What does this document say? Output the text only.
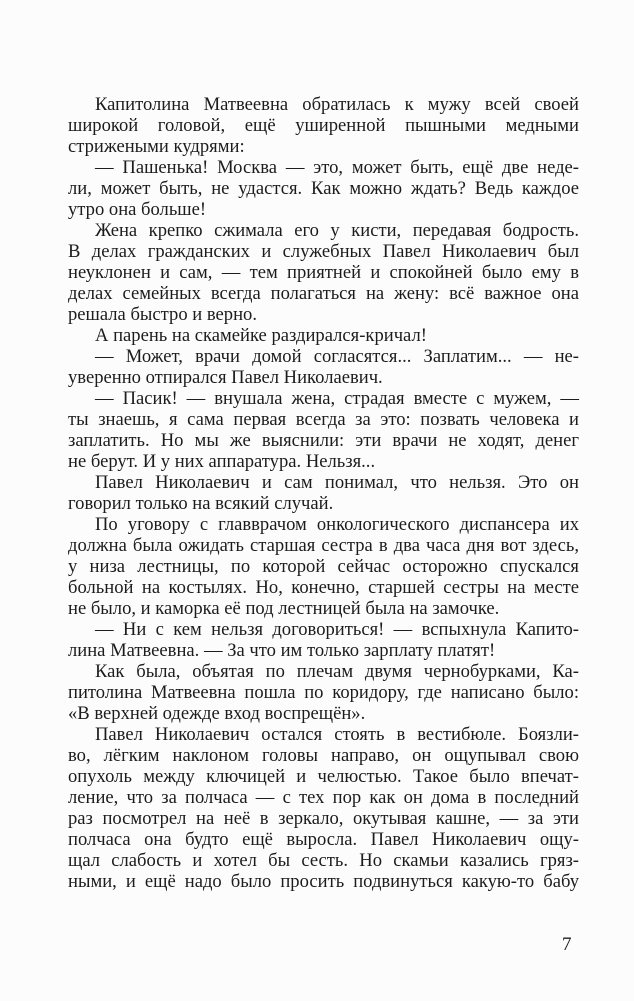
Капитолина Матвеевна обратилась к мужу всей своей
широкой головой, ещё уширенной пышными медными
стрижеными кудрями:
— Пашенька! Москва — это, может быть, ещё две неде-
ли, может быть, не удастся. Как можно ждать? Ведь каждое
утро она больше!
Жена крепко сжимала его у кисти, передавая бодрость.
В делах гражданских и служебных Павел Николаевич был
неуклонен и сам, — тем приятней и спокойней было ему в
делах семейных всегда полагаться на жену: всё важное она
решала быстро и верно.
А парень на скамейке раздирался-кричал!
— Может, врачи домой согласятся... Заплатим... — не-
уверенно отпирался Павел Николаевич.
— Пасик! — внушала жена, страдая вместе с мужем, —
ты знаешь, я сама первая всегда за это: позвать человека и
заплатить. Но мы же выяснили: эти врачи не ходят, денег
не берут. И у них аппаратура. Нельзя...
Павел Николаевич и сам понимал, что нельзя. Это он
говорил только на всякий случай.
По уговору с главврачом онкологического диспансера их
должна была ожидать старшая сестра в два часа дня вот здесь,
у низа лестницы, по которой сейчас осторожно спускался
больной на костылях. Но, конечно, старшей сестры на месте
не было, и каморка её под лестницей была на замочке.
— Ни с кем нельзя договориться! — вспыхнула Капито-
лина Матвеевна. — За что им только зарплату платят!
Как была, объятая по плечам двумя чернобурками, Ка-
питолина Матвеевна пошла по коридору, где написано было:
«В верхней одежде вход воспрещён».
Павел Николаевич остался стоять в вестибюле. Боязли-
во, лёгким наклоном головы направо, он ощупывал свою
опухоль между ключицей и челюстью. Такое было впечат-
ление, что за полчаса — с тех пор как он дома в последний
раз посмотрел на неё в зеркало, окутывая кашне, — за эти
полчаса она будто ещё выросла. Павел Николаевич ощу-
щал слабость и хотел бы сесть. Но скамьи казались гряз-
ными, и ещё надо было просить подвинуться какую-то бабу
7
